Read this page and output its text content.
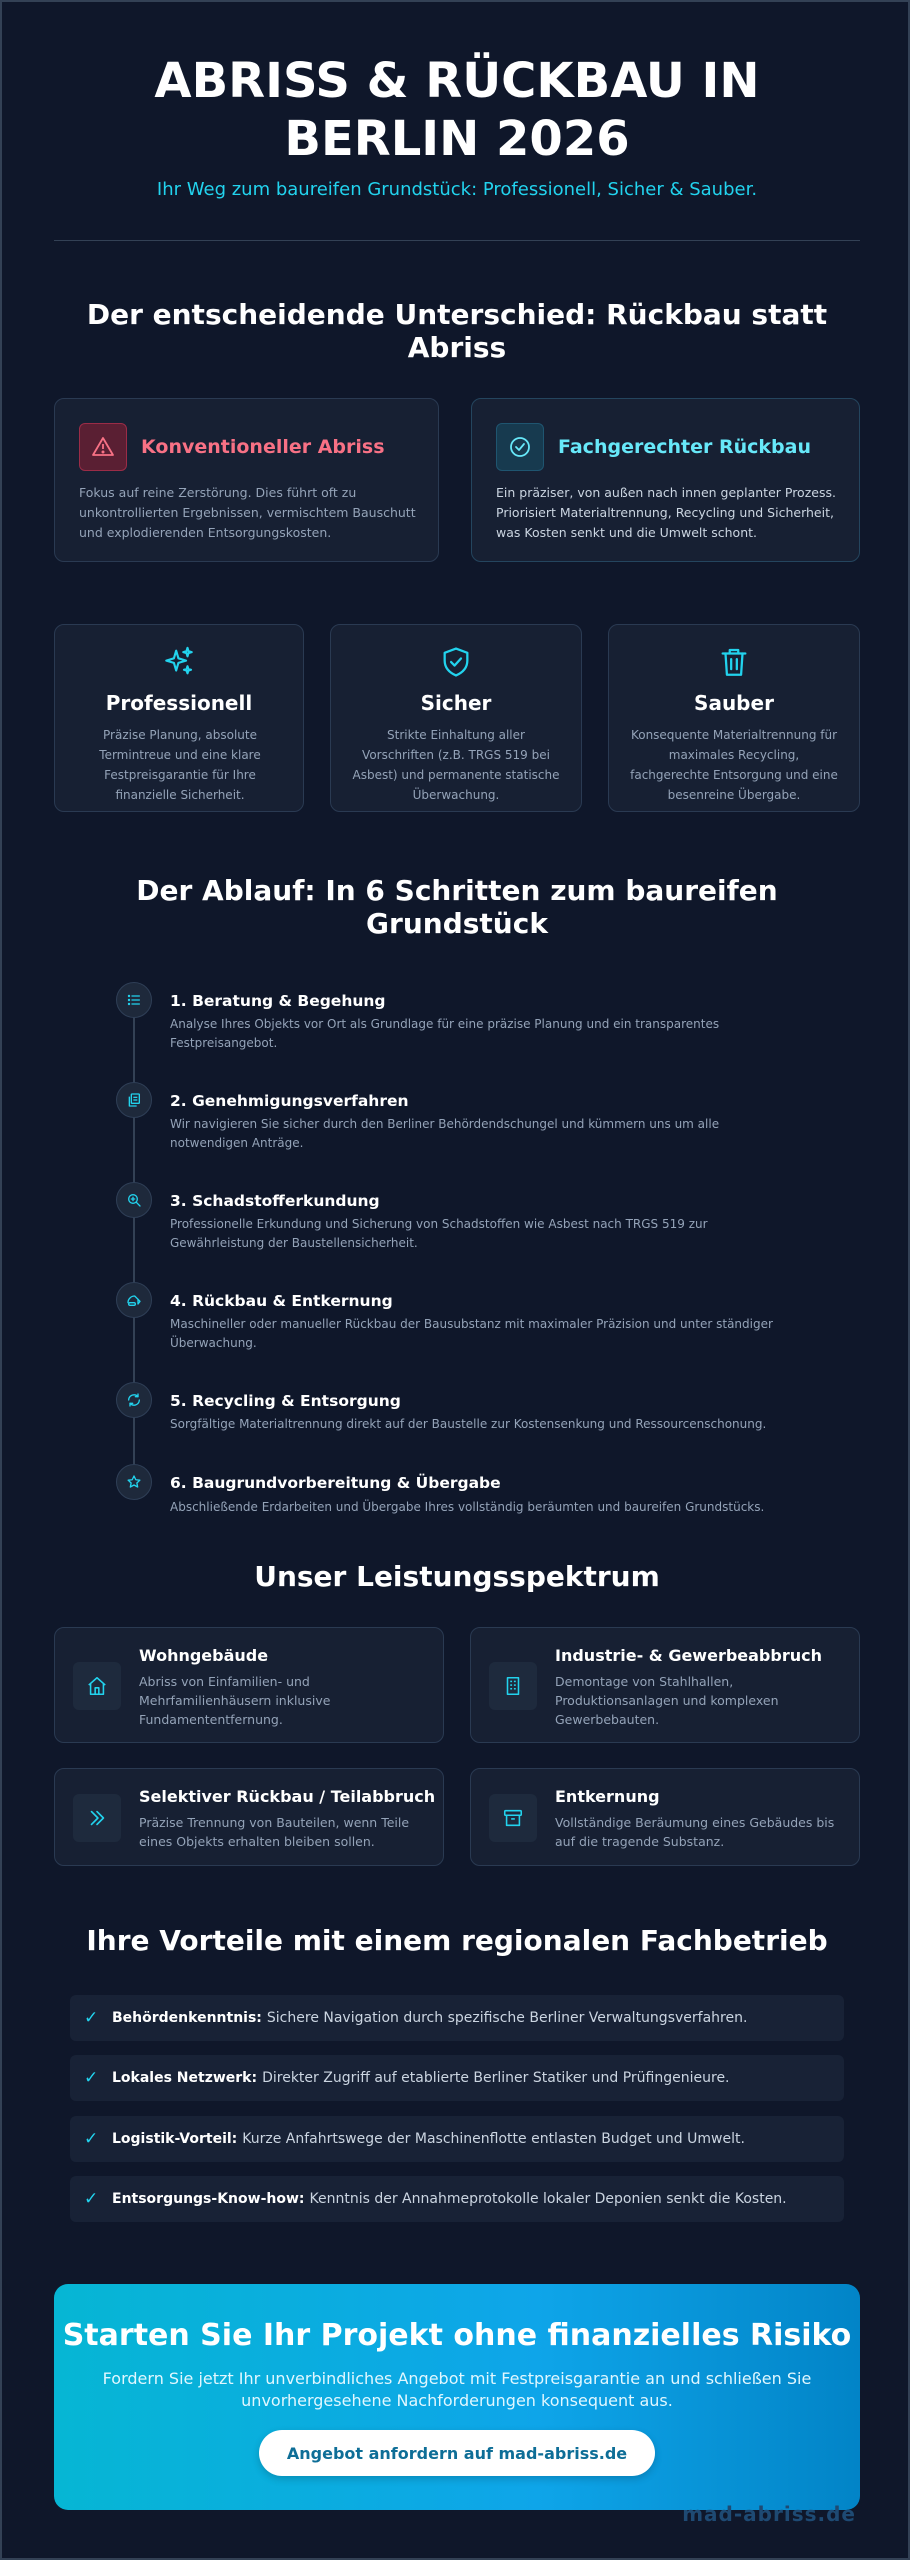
ABRISS & RÜCKBAU IN BERLIN 2026

Ihr Weg zum baureifen Grundstück: Professionell, Sicher & Sauber.

Der entscheidende Unterschied: Rückbau statt Abriss
Konventioneller Abriss

Fokus auf reine Zerstörung. Dies führt oft zu unkontrollierten Ergebnissen, vermischtem Bauschutt und explodierenden Entsorgungskosten.

Fachgerechter Rückbau

Ein präziser, von außen nach innen geplanter Prozess. Priorisiert Materialtrennung, Recycling und Sicherheit, was Kosten senkt und die Umwelt schont.

Professionell

Präzise Planung, absolute Termintreue und eine klare Festpreisgarantie für Ihre finanzielle Sicherheit.

Sicher

Strikte Einhaltung aller Vorschriften (z.B. TRGS 519 bei Asbest) und permanente statische Überwachung.

Sauber

Konsequente Materialtrennung für maximales Recycling, fachgerechte Entsorgung und eine besenreine Übergabe.

Der Ablauf: In 6 Schritten zum baureifen Grundstück
1. Beratung & Begehung

Analyse Ihres Objekts vor Ort als Grundlage für eine präzise Planung und ein transparentes Festpreisangebot.

2. Genehmigungsverfahren

Wir navigieren Sie sicher durch den Berliner Behördendschungel und kümmern uns um alle notwendigen Anträge.

3. Schadstofferkundung

Professionelle Erkundung und Sicherung von Schadstoffen wie Asbest nach TRGS 519 zur Gewährleistung der Baustellensicherheit.

4. Rückbau & Entkernung

Maschineller oder manueller Rückbau der Bausubstanz mit maximaler Präzision und unter ständiger Überwachung.

5. Recycling & Entsorgung

Sorgfältige Materialtrennung direkt auf der Baustelle zur Kostensenkung und Ressourcenschonung.

6. Baugrundvorbereitung & Übergabe

Abschließende Erdarbeiten und Übergabe Ihres vollständig beräumten und baureifen Grundstücks.

Unser Leistungsspektrum
Wohngebäude

Abriss von Einfamilien- und Mehrfamilienhäusern inklusive Fundamententfernung.

Industrie- & Gewerbeabbruch

Demontage von Stahlhallen, Produktionsanlagen und komplexen Gewerbebauten.

Selektiver Rückbau / Teilabbruch

Präzise Trennung von Bauteilen, wenn Teile eines Objekts erhalten bleiben sollen.

Entkernung

Vollständige Beräumung eines Gebäudes bis auf die tragende Substanz.

Ihre Vorteile mit einem regionalen Fachbetrieb
✓ Behördenkenntnis: Sichere Navigation durch spezifische Berliner Verwaltungsverfahren.
✓ Lokales Netzwerk: Direkter Zugriff auf etablierte Berliner Statiker und Prüfingenieure.
✓ Logistik-Vorteil: Kurze Anfahrtswege der Maschinenflotte entlasten Budget und Umwelt.
✓ Entsorgungs-Know-how: Kenntnis der Annahmeprotokolle lokaler Deponien senkt die Kosten.
Starten Sie Ihr Projekt ohne finanzielles Risiko

Fordern Sie jetzt Ihr unverbindliches Angebot mit Festpreisgarantie an und schließen Sie unvorhergesehene Nachforderungen konsequent aus.

Angebot anfordern auf mad-abriss.de
mad-abriss.de
